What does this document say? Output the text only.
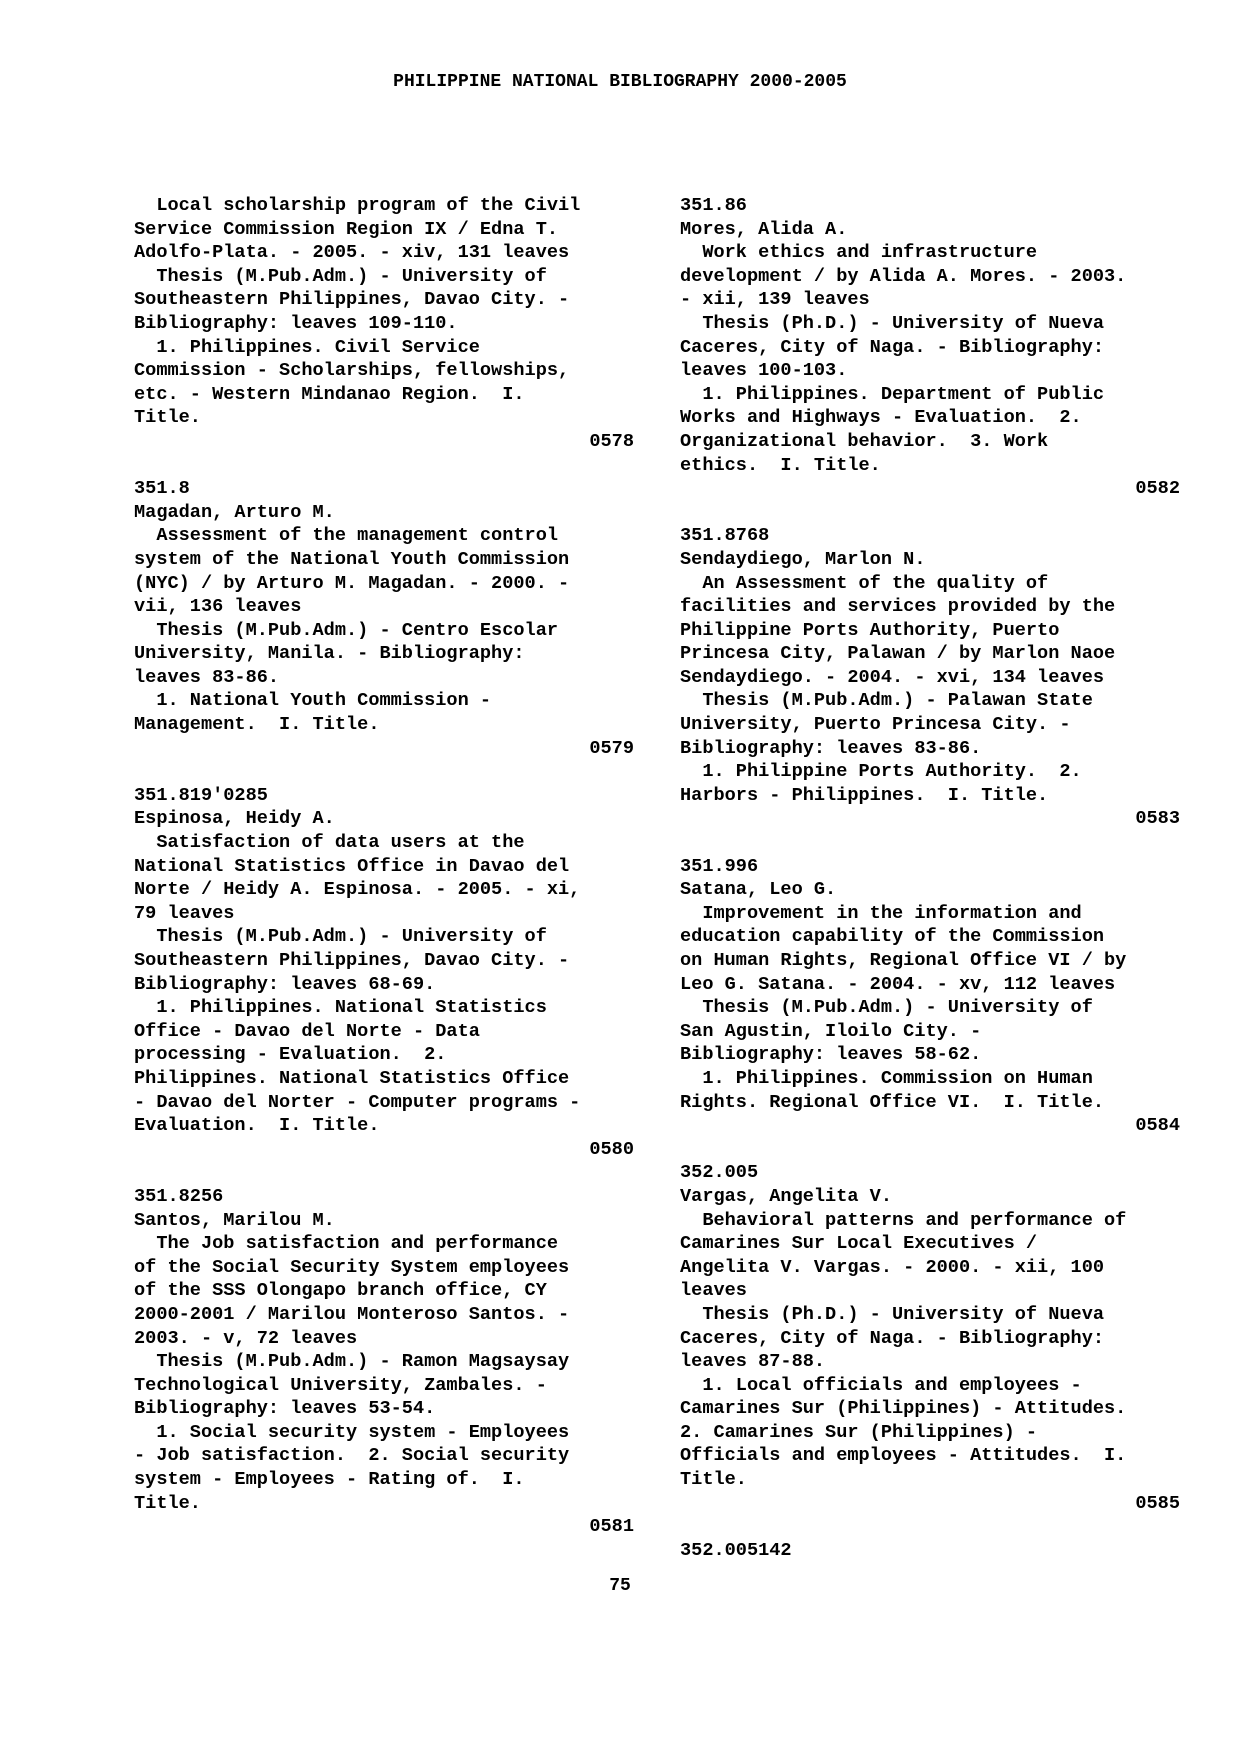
PHILIPPINE NATIONAL BIBLIOGRAPHY 2000-2005
Local scholarship program of the Civil
Service Commission Region IX / Edna T.
Adolfo-Plata. - 2005. - xiv, 131 leaves
Thesis (M.Pub.Adm.) - University of
Southeastern Philippines, Davao City. -
Bibliography: leaves 109-110.
1. Philippines. Civil Service
Commission - Scholarships, fellowships,
etc. - Western Mindanao Region.  I.
Title.
0578
351.8
Magadan, Arturo M.
Assessment of the management control
system of the National Youth Commission
(NYC) / by Arturo M. Magadan. - 2000. -
vii, 136 leaves
Thesis (M.Pub.Adm.) - Centro Escolar
University, Manila. - Bibliography:
leaves 83-86.
1. National Youth Commission -
Management.  I. Title.
0579
351.819'0285
Espinosa, Heidy A.
Satisfaction of data users at the
National Statistics Office in Davao del
Norte / Heidy A. Espinosa. - 2005. - xi,
79 leaves
Thesis (M.Pub.Adm.) - University of
Southeastern Philippines, Davao City. -
Bibliography: leaves 68-69.
1. Philippines. National Statistics
Office - Davao del Norte - Data
processing - Evaluation.  2.
Philippines. National Statistics Office
- Davao del Norter - Computer programs -
Evaluation.  I. Title.
0580
351.8256
Santos, Marilou M.
The Job satisfaction and performance
of the Social Security System employees
of the SSS Olongapo branch office, CY
2000-2001 / Marilou Monteroso Santos. -
2003. - v, 72 leaves
Thesis (M.Pub.Adm.) - Ramon Magsaysay
Technological University, Zambales. -
Bibliography: leaves 53-54.
1. Social security system - Employees
- Job satisfaction.  2. Social security
system - Employees - Rating of.  I.
Title.
0581
351.86
Mores, Alida A.
Work ethics and infrastructure
development / by Alida A. Mores. - 2003.
- xii, 139 leaves
Thesis (Ph.D.) - University of Nueva
Caceres, City of Naga. - Bibliography:
leaves 100-103.
1. Philippines. Department of Public
Works and Highways - Evaluation.  2.
Organizational behavior.  3. Work
ethics.  I. Title.
0582
351.8768
Sendaydiego, Marlon N.
An Assessment of the quality of
facilities and services provided by the
Philippine Ports Authority, Puerto
Princesa City, Palawan / by Marlon Naoe
Sendaydiego. - 2004. - xvi, 134 leaves
Thesis (M.Pub.Adm.) - Palawan State
University, Puerto Princesa City. -
Bibliography: leaves 83-86.
1. Philippine Ports Authority.  2.
Harbors - Philippines.  I. Title.
0583
351.996
Satana, Leo G.
Improvement in the information and
education capability of the Commission
on Human Rights, Regional Office VI / by
Leo G. Satana. - 2004. - xv, 112 leaves
Thesis (M.Pub.Adm.) - University of
San Agustin, Iloilo City. -
Bibliography: leaves 58-62.
1. Philippines. Commission on Human
Rights. Regional Office VI.  I. Title.
0584
352.005
Vargas, Angelita V.
Behavioral patterns and performance of
Camarines Sur Local Executives /
Angelita V. Vargas. - 2000. - xii, 100
leaves
Thesis (Ph.D.) - University of Nueva
Caceres, City of Naga. - Bibliography:
leaves 87-88.
1. Local officials and employees -
Camarines Sur (Philippines) - Attitudes.
2. Camarines Sur (Philippines) -
Officials and employees - Attitudes.  I.
Title.
0585
352.005142
75
